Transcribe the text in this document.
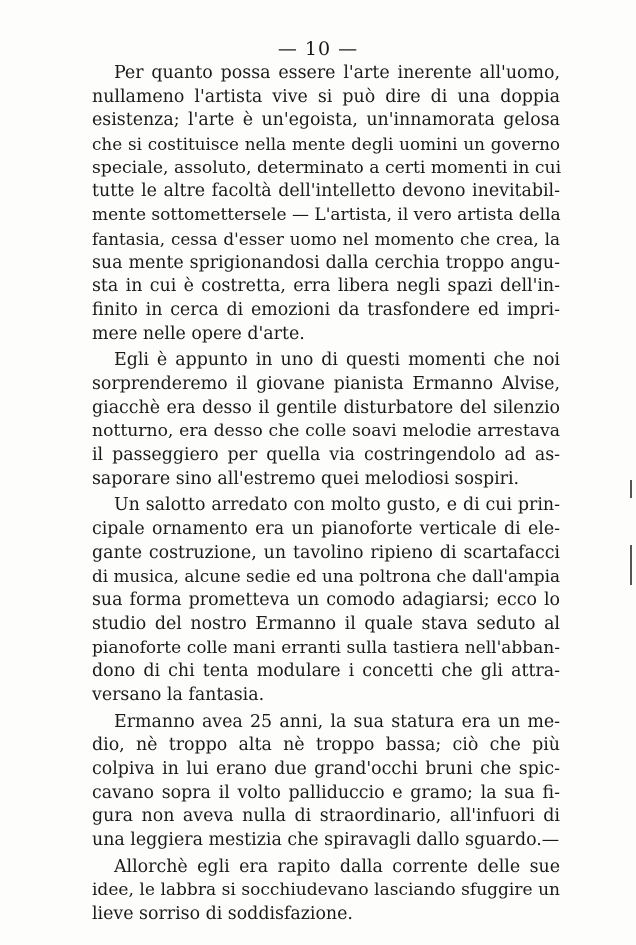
— 10 —
Per quanto possa essere l'arte inerente all'uomo,
nullameno l'artista vive si può dire di una doppia
esistenza; l'arte è un'egoista, un'innamorata gelosa
che si costituisce nella mente degli uomini un governo
speciale, assoluto, determinato a certi momenti in cui
tutte le altre facoltà dell'intelletto devono inevitabil-
mente sottomettersele — L'artista, il vero artista della
fantasia, cessa d'esser uomo nel momento che crea, la
sua mente sprigionandosi dalla cerchia troppo angu-
sta in cui è costretta, erra libera negli spazi dell'in-
finito in cerca di emozioni da trasfondere ed impri-
mere nelle opere d'arte.
Egli è appunto in uno di questi momenti che noi
sorprenderemo il giovane pianista Ermanno Alvise,
giacchè era desso il gentile disturbatore del silenzio
notturno, era desso che colle soavi melodie arrestava
il passeggiero per quella via costringendolo ad as-
saporare sino all'estremo quei melodiosi sospiri.
Un salotto arredato con molto gusto, e di cui prin-
cipale ornamento era un pianoforte verticale di ele-
gante costruzione, un tavolino ripieno di scartafacci
di musica, alcune sedie ed una poltrona che dall'ampia
sua forma prometteva un comodo adagiarsi; ecco lo
studio del nostro Ermanno il quale stava seduto al
pianoforte colle mani erranti sulla tastiera nell'abban-
dono di chi tenta modulare i concetti che gli attra-
versano la fantasia.
Ermanno avea 25 anni, la sua statura era un me-
dio, nè troppo alta nè troppo bassa; ciò che più
colpiva in lui erano due grand'occhi bruni che spic-
cavano sopra il volto palliduccio e gramo; la sua fi-
gura non aveva nulla di straordinario, all'infuori di
una leggiera mestizia che spiravagli dallo sguardo.—
Allorchè egli era rapito dalla corrente delle sue
idee, le labbra si socchiudevano lasciando sfuggire un
lieve sorriso di soddisfazione.
